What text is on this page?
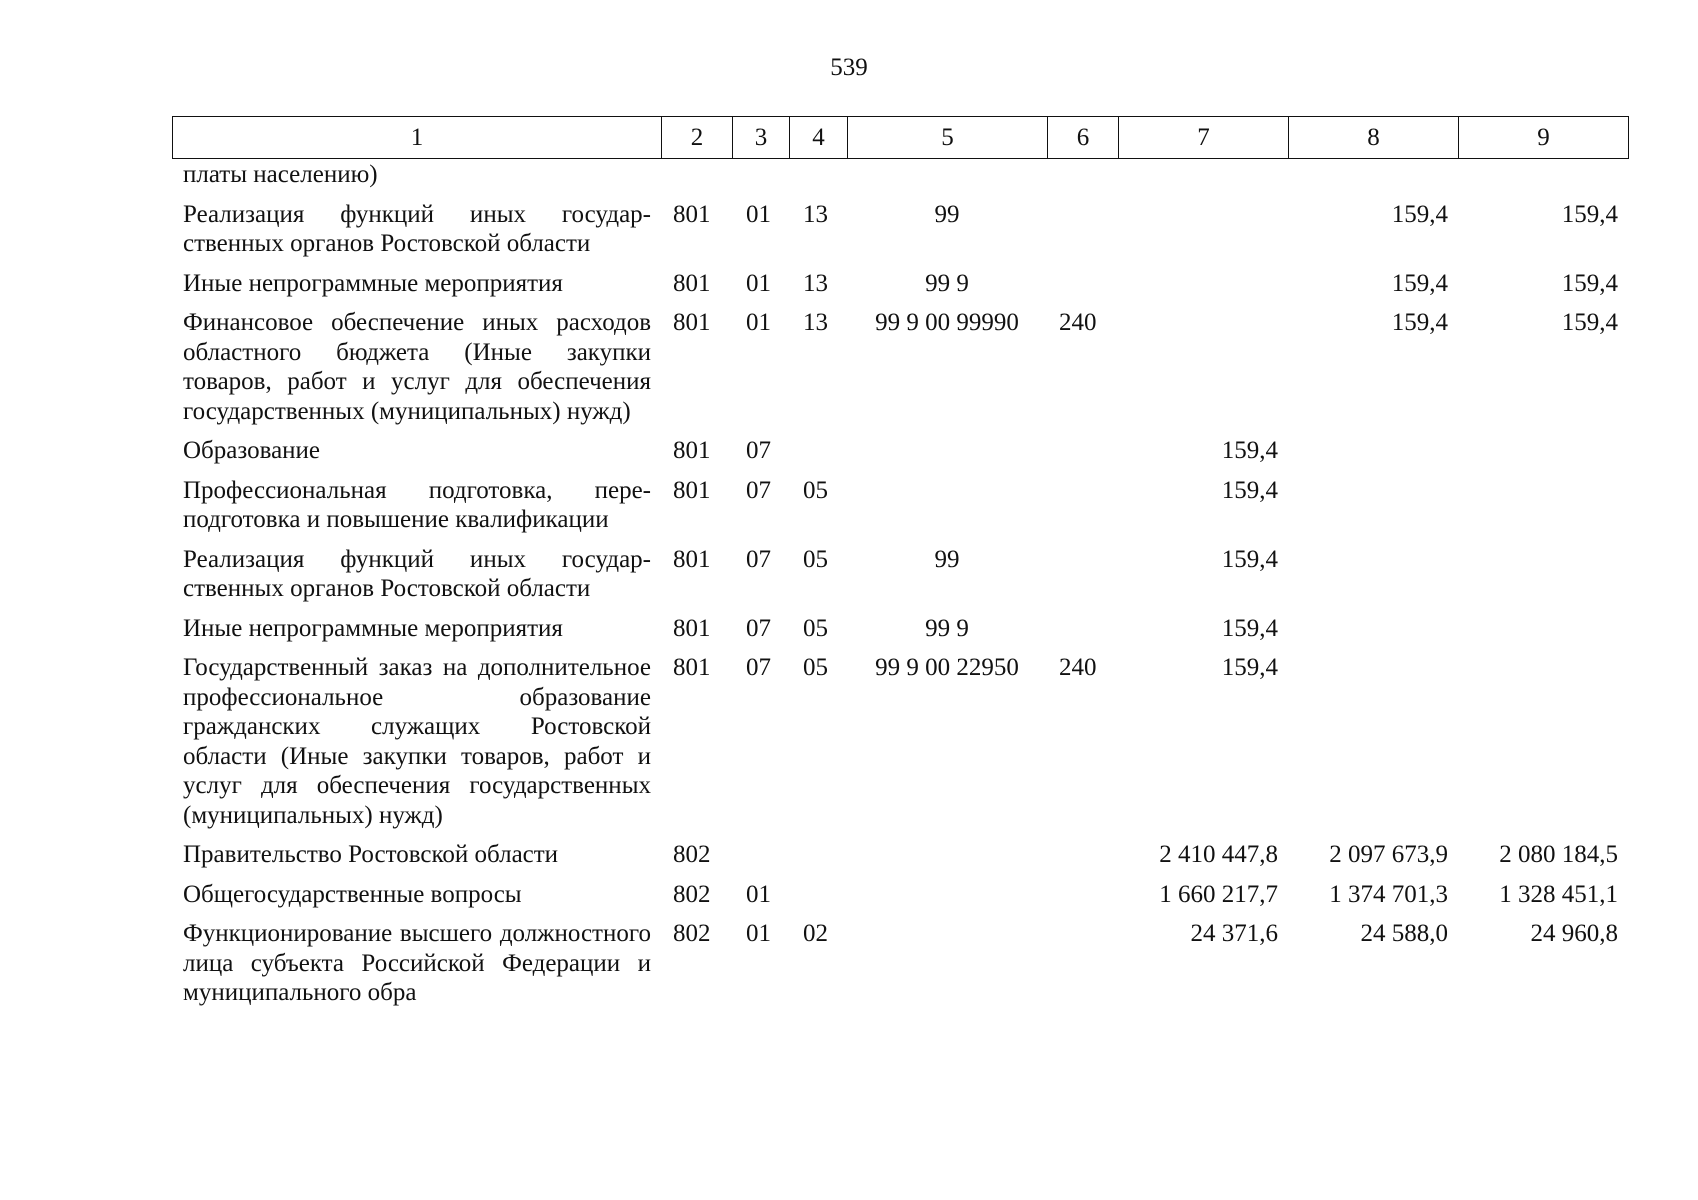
539
1	2	3	4	5	6	7	8	9
платы населению)								
Реализация функций иных государственных органов Ростовской области	801	01	13	99			159,4	159,4
Иные непрограммные мероприятия	801	01	13	99 9			159,4	159,4
Финансовое обеспечение иных расходов областного бюджета (Иные закупки товаров, работ и услуг для обеспечения государственных (муниципальных) нужд)	801	01	13	99 9 00 99990	240		159,4	159,4
Образование	801	07				159,4		
Профессиональная подготовка, переподготовка и повышение квалификации	801	07	05			159,4		
Реализация функций иных государственных органов Ростовской области	801	07	05	99		159,4		
Иные непрограммные мероприятия	801	07	05	99 9		159,4		
Государственный заказ на дополнительное профессиональное образование гражданских служащих Ростовской области (Иные закупки товаров, работ и услуг для обеспечения государственных (муниципальных) нужд)	801	07	05	99 9 00 22950	240	159,4		
Правительство Ростовской области	802					2 410 447,8	2 097 673,9	2 080 184,5
Общегосударственные вопросы	802	01				1 660 217,7	1 374 701,3	1 328 451,1
Функционирование высшего должностного лица субъекта Российской Федерации и муниципального обра	802	01	02			24 371,6	24 588,0	24 960,8
